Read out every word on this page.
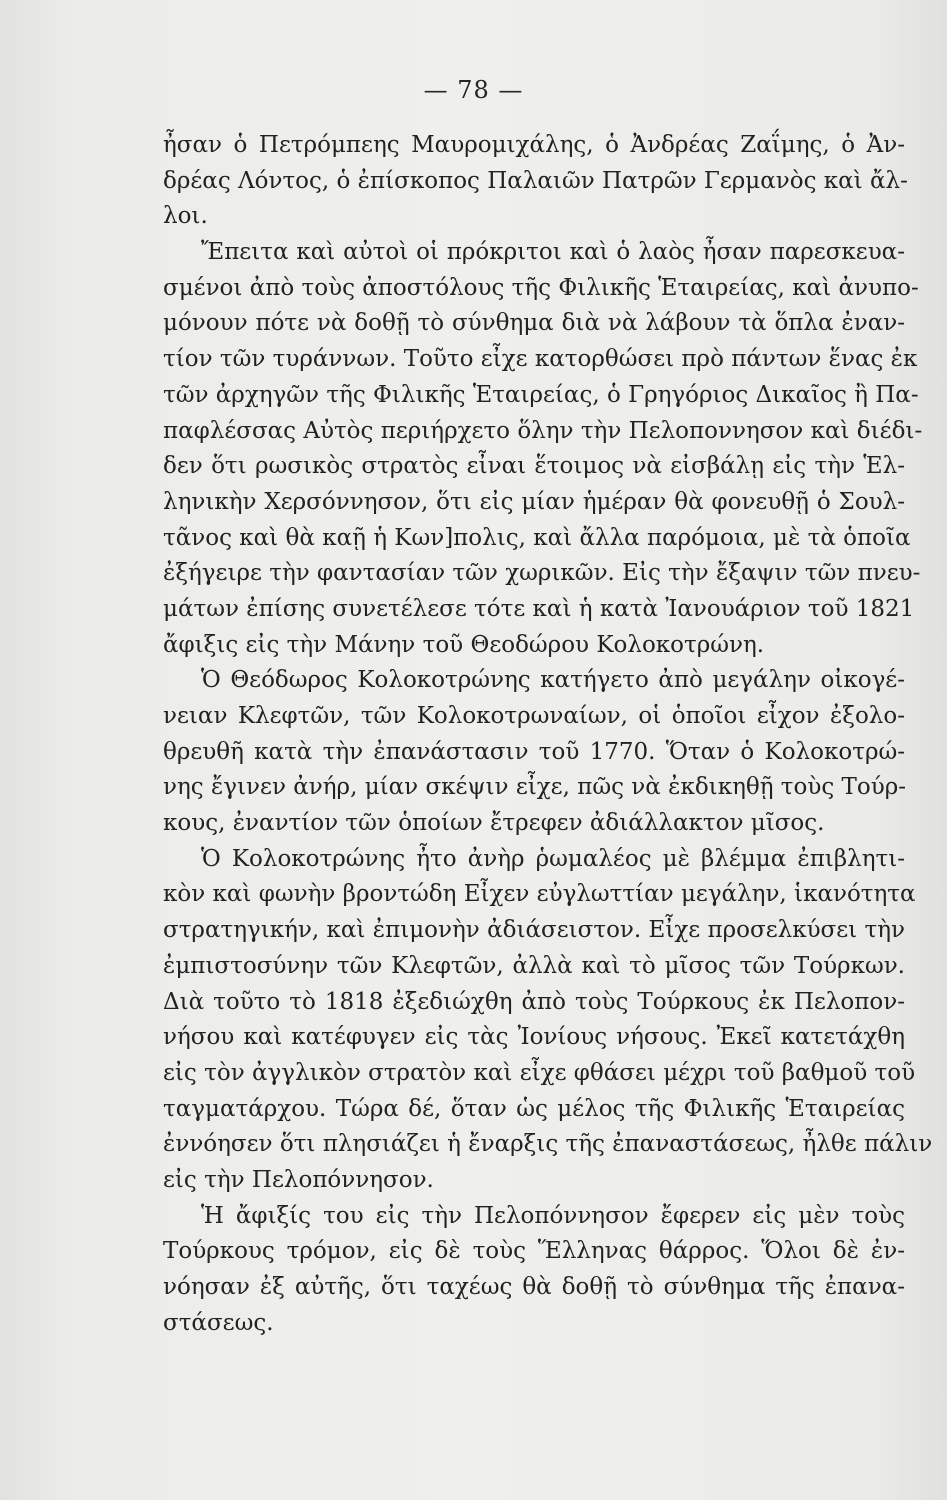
— 78 —
ἦσαν ὁ Πετρόμπεης Μαυρομιχάλης, ὁ Ἀνδρέας Ζαΐμης, ὁ Ἀν-
δρέας Λόντος, ὁ ἐπίσκοπος Παλαιῶν Πατρῶν Γερμανὸς καὶ ἄλ-
λοι.
Ἔπειτα καὶ αὐτοὶ οἱ πρόκριτοι καὶ ὁ λαὸς ἦσαν παρεσκευα-
σμένοι ἀπὸ τοὺς ἀποστόλους τῆς Φιλικῆς Ἑταιρείας, καὶ ἀνυπο-
μόνουν πότε νὰ δοθῇ τὸ σύνθημα διὰ νὰ λάβουν τὰ ὅπλα ἐναν-
τίον τῶν τυράννων. Τοῦτο εἶχε κατορθώσει πρὸ πάντων ἕνας ἐκ
τῶν ἀρχηγῶν τῆς Φιλικῆς Ἑταιρείας, ὁ Γρηγόριος Δικαῖος ἢ Πα-
παφλέσσας Αὐτὸς περιήρχετο ὅλην τὴν Πελοποννησον καὶ διέδι-
δεν ὅτι ρωσικὸς στρατὸς εἶναι ἕτοιμος νὰ εἰσβάλῃ εἰς τὴν Ἑλ-
ληνικὴν Χερσόννησον, ὅτι εἰς μίαν ἡμέραν θὰ φονευθῇ ὁ Σουλ-
τᾶνος καὶ θὰ καῇ ἡ Κων]πολις, καὶ ἄλλα παρόμοια, μὲ τὰ ὁποῖα
ἐξήγειρε τὴν φαντασίαν τῶν χωρικῶν. Εἰς τὴν ἔξαψιν τῶν πνευ-
μάτων ἐπίσης συνετέλεσε τότε καὶ ἡ κατὰ Ἰανουάριον τοῦ 1821
ἄφιξις εἰς τὴν Μάνην τοῦ Θεοδώρου Κολοκοτρώνη.
Ὁ Θεόδωρος Κολοκοτρώνης κατήγετο ἀπὸ μεγάλην οἰκογέ-
νειαν Κλεφτῶν, τῶν Κολοκοτρωναίων, οἱ ὁποῖοι εἶχον ἐξολο-
θρευθῆ κατὰ τὴν ἐπανάστασιν τοῦ 1770. Ὅταν ὁ Κολοκοτρώ-
νης ἔγινεν ἀνήρ, μίαν σκέψιν εἶχε, πῶς νὰ ἐκδικηθῇ τοὺς Τούρ-
κους, ἐναντίον τῶν ὁποίων ἔτρεφεν ἀδιάλλακτον μῖσος.
Ὁ Κολοκοτρώνης ἦτο ἀνὴρ ῥωμαλέος μὲ βλέμμα ἐπιβλητι-
κὸν καὶ φωνὴν βροντώδη Εἶχεν εὐγλωττίαν μεγάλην, ἱκανότητα
στρατηγικήν, καὶ ἐπιμονὴν ἀδιάσειστον. Εἶχε προσελκύσει τὴν
ἐμπιστοσύνην τῶν Κλεφτῶν, ἀλλὰ καὶ τὸ μῖσος τῶν Τούρκων.
Διὰ τοῦτο τὸ 1818 ἐξεδιώχθη ἀπὸ τοὺς Τούρκους ἐκ Πελοπον-
νήσου καὶ κατέφυγεν εἰς τὰς Ἰονίους νήσους. Ἐκεῖ κατετάχθη
εἰς τὸν ἀγγλικὸν στρατὸν καὶ εἶχε φθάσει μέχρι τοῦ βαθμοῦ τοῦ
ταγματάρχου. Τώρα δέ, ὅταν ὡς μέλος τῆς Φιλικῆς Ἑταιρείας
ἐννόησεν ὅτι πλησιάζει ἡ ἔναρξις τῆς ἐπαναστάσεως, ἦλθε πάλιν
εἰς τὴν Πελοπόννησον.
Ἡ ἄφιξίς του εἰς τὴν Πελοπόννησον ἔφερεν εἰς μὲν τοὺς
Τούρκους τρόμον, εἰς δὲ τοὺς Ἕλληνας θάρρος. Ὅλοι δὲ ἐν-
νόησαν ἐξ αὐτῆς, ὅτι ταχέως θὰ δοθῇ τὸ σύνθημα τῆς ἐπανα-
στάσεως.
